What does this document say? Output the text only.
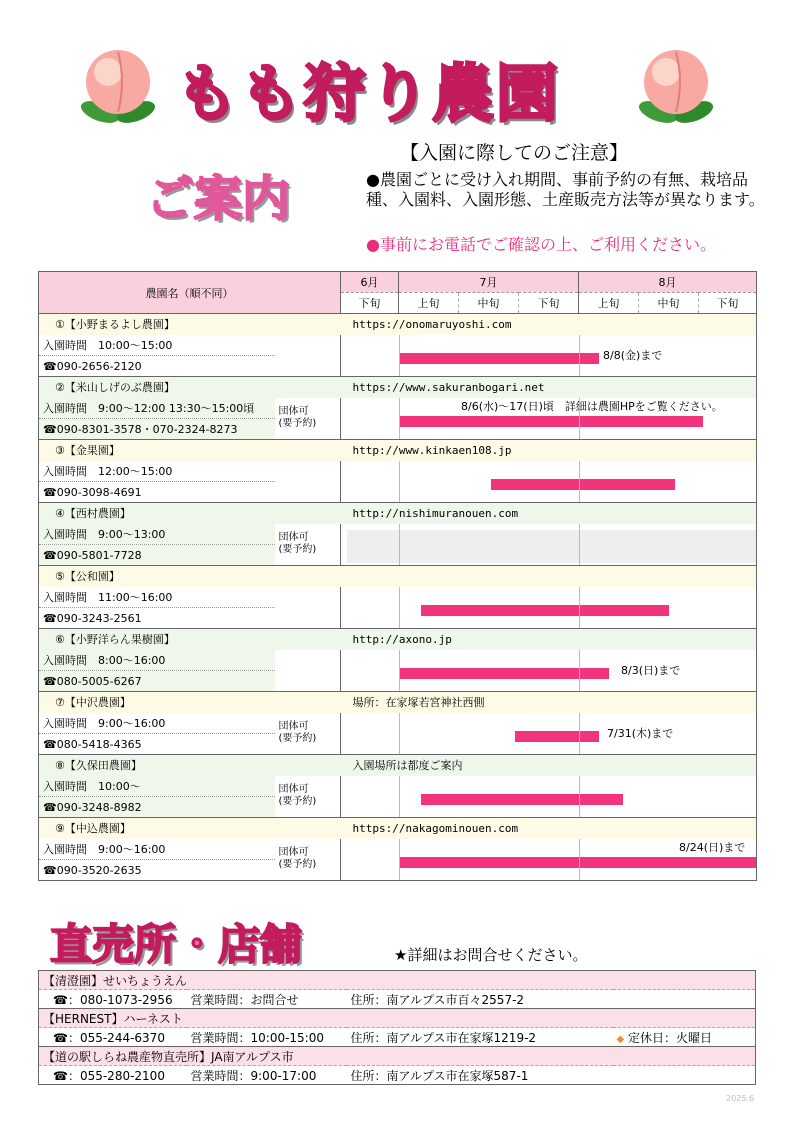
もも狩り農園
ご案内
【入園に際してのご注意】
●農園ごとに受け入れ期間、事前予約の有無、栽培品種、入園料、入園形態、土産販売方法等が異なります。
●事前にお電話でご確認の上、ご利用ください。
農園名（順不同）		6月	7月			8月		
		下旬	上旬	中旬	下旬	上旬	中旬	下旬
①【小野まるよし農園】		https://onomaruyoshi.com						
入園時間　10:00～15:00		8/8(金)まで						

☎090-2656-2120								
②【米山しげのぶ農園】		https://www.sakuranbogari.net						
入園時間　9:00～12:00 13:30～15:00頃	団体可
(要予約)	8/6(水)～17(日)頃　詳細は農園HPをご覧ください。						

☎090-8301-3578・070-2324-8273								
③【金果園】		http://www.kinkaen108.jp						
入園時間　12:00～15:00							

☎090-3098-4691								
④【西村農園】		http://nishimuranouen.com						
入園時間　9:00～13:00	団体可
(要予約)							

☎090-5801-7728								
⑤【公和園】								
入園時間　11:00～16:00							

☎090-3243-2561								
⑥【小野洋らん果樹園】		http://axono.jp						
入園時間　8:00～16:00		8/3(日)まで						

☎080-5005-6267								
⑦【中沢農園】		場所：在家塚若宮神社西側						
入園時間　9:00～16:00	団体可
(要予約)	7/31(木)まで						

☎080-5418-4365								
⑧【久保田農園】		入園場所は都度ご案内						
入園時間　10:00～	団体可
(要予約)							

☎090-3248-8982								
⑨【中込農園】		https://nakagominouen.com						
入園時間　9:00～16:00	団体可
(要予約)	8/24(日)まで						

☎090-3520-2635								
直売所・店舗	★詳細はお問合せください。
【清澄園】せいちょうえん			
☎：080-1073-2956	営業時間：お問合せ	住所：南アルプス市百々2557-2	
【HERNEST】ハーネスト			
☎：055-244-6370	営業時間：10:00-15:00	住所：南アルプス市在家塚1219-2	◆ 定休日：火曜日
【道の駅しらね農産物直売所】JA南アルプス市			
☎：055-280-2100	営業時間：9:00-17:00	住所：南アルプス市在家塚587-1	
2025.6
